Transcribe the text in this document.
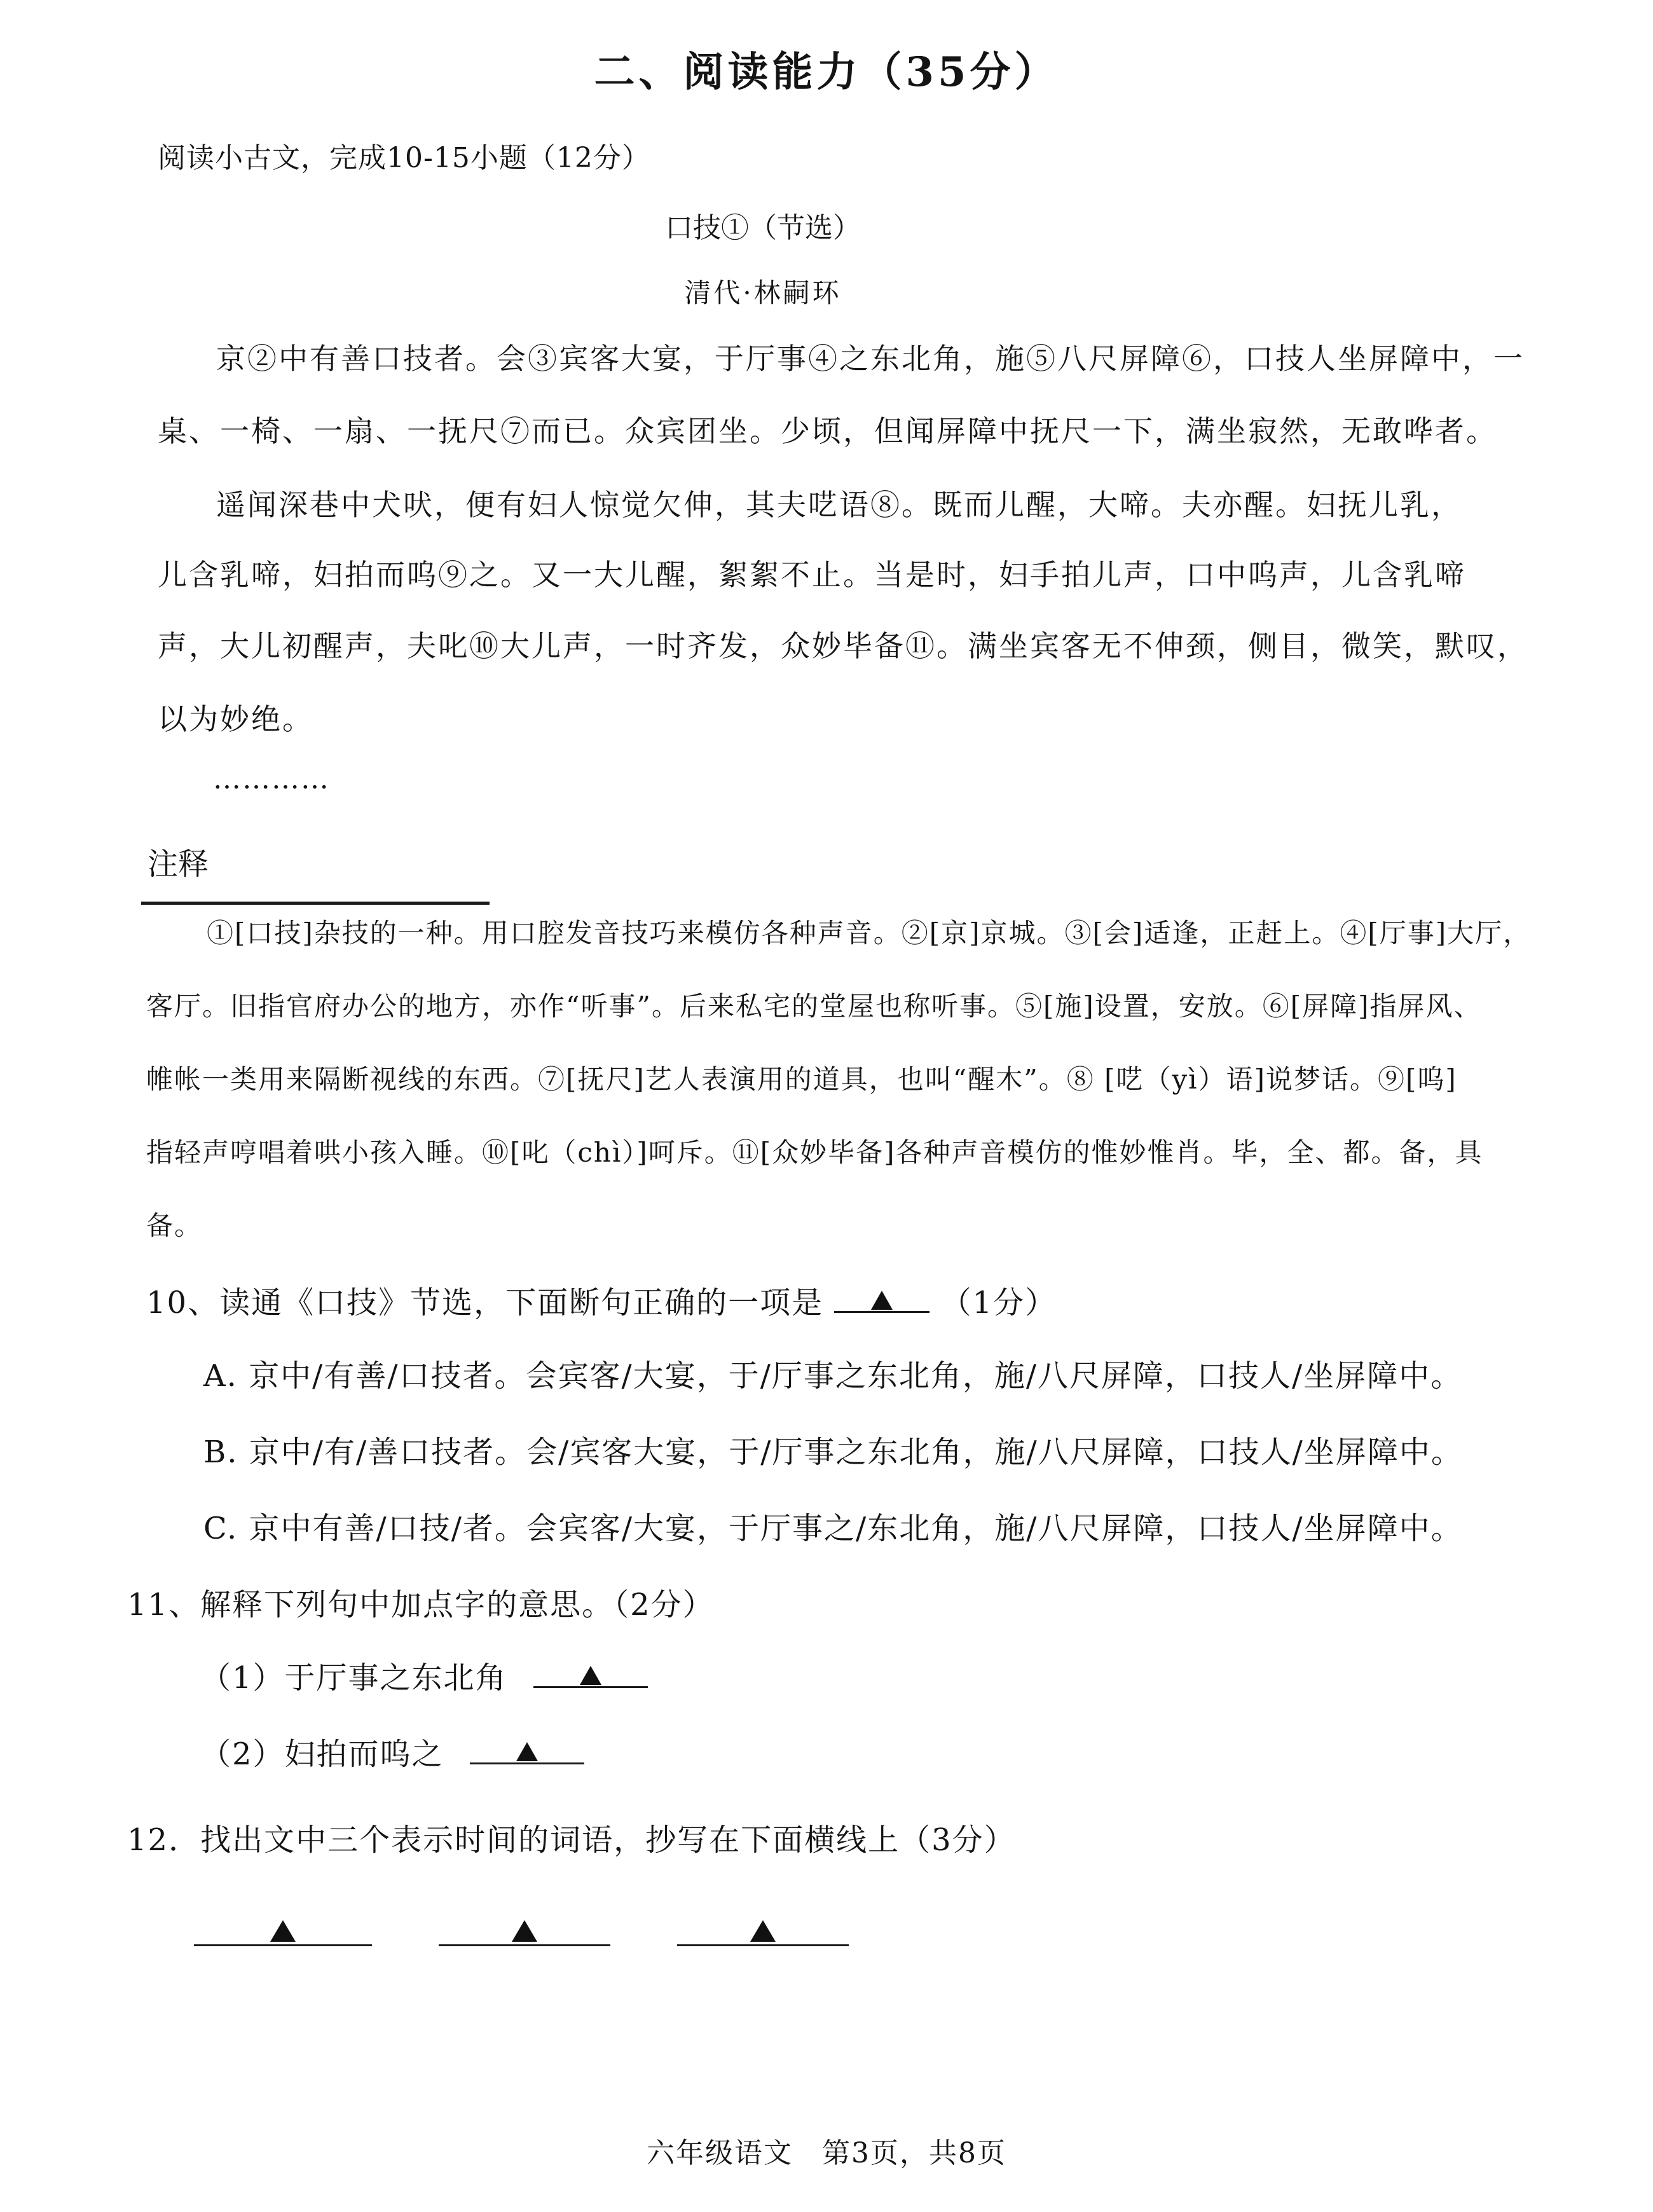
二、阅读能力（35分）
阅读小古文，完成10-15小题（12分）
口技①（节选）
清代·林嗣环
京②中有善口技者。会③宾客大宴，于厅事④之东北角，施⑤八尺屏障⑥，口技人坐屏障中，一
桌、一椅、一扇、一抚尺⑦而已。众宾团坐。少顷，但闻屏障中抚尺一下，满坐寂然，无敢哗者。
遥闻深巷中犬吠，便有妇人惊觉欠伸，其夫呓语⑧。既而儿醒，大啼。夫亦醒。妇抚儿乳，
儿含乳啼，妇拍而呜⑨之。又一大儿醒，絮絮不止。当是时，妇手拍儿声，口中呜声，儿含乳啼
声，大儿初醒声，夫叱⑩大儿声，一时齐发，众妙毕备⑪。满坐宾客无不伸颈，侧目，微笑，默叹，
以为妙绝。
…………
注释
①[口技]杂技的一种。用口腔发音技巧来模仿各种声音。②[京]京城。③[会]适逢，正赶上。④[厅事]大厅，
客厅。旧指官府办公的地方，亦作“听事”。后来私宅的堂屋也称听事。⑤[施]设置，安放。⑥[屏障]指屏风、
帷帐一类用来隔断视线的东西。⑦[抚尺]艺人表演用的道具，也叫“醒木”。⑧ [呓（yì）语]说梦话。⑨[呜]
指轻声哼唱着哄小孩入睡。⑩[叱（chì）]呵斥。⑪[众妙毕备]各种声音模仿的惟妙惟肖。毕，全、都。备，具
备。
10、读通《口技》节选，下面断句正确的一项是	（1分）
A. 京中/有善/口技者。会宾客/大宴，于/厅事之东北角，施/八尺屏障，口技人/坐屏障中。
B. 京中/有/善口技者。会/宾客大宴，于/厅事之东北角，施/八尺屏障，口技人/坐屏障中。
C. 京中有善/口技/者。会宾客/大宴，于厅事之/东北角，施/八尺屏障，口技人/坐屏障中。
11、解释下列句中加点字的意思。（2分）
（1）于厅事之东北角
（2）妇拍而呜之
12．找出文中三个表示时间的词语，抄写在下面横线上（3分）
六年级语文　第3页，共8页
